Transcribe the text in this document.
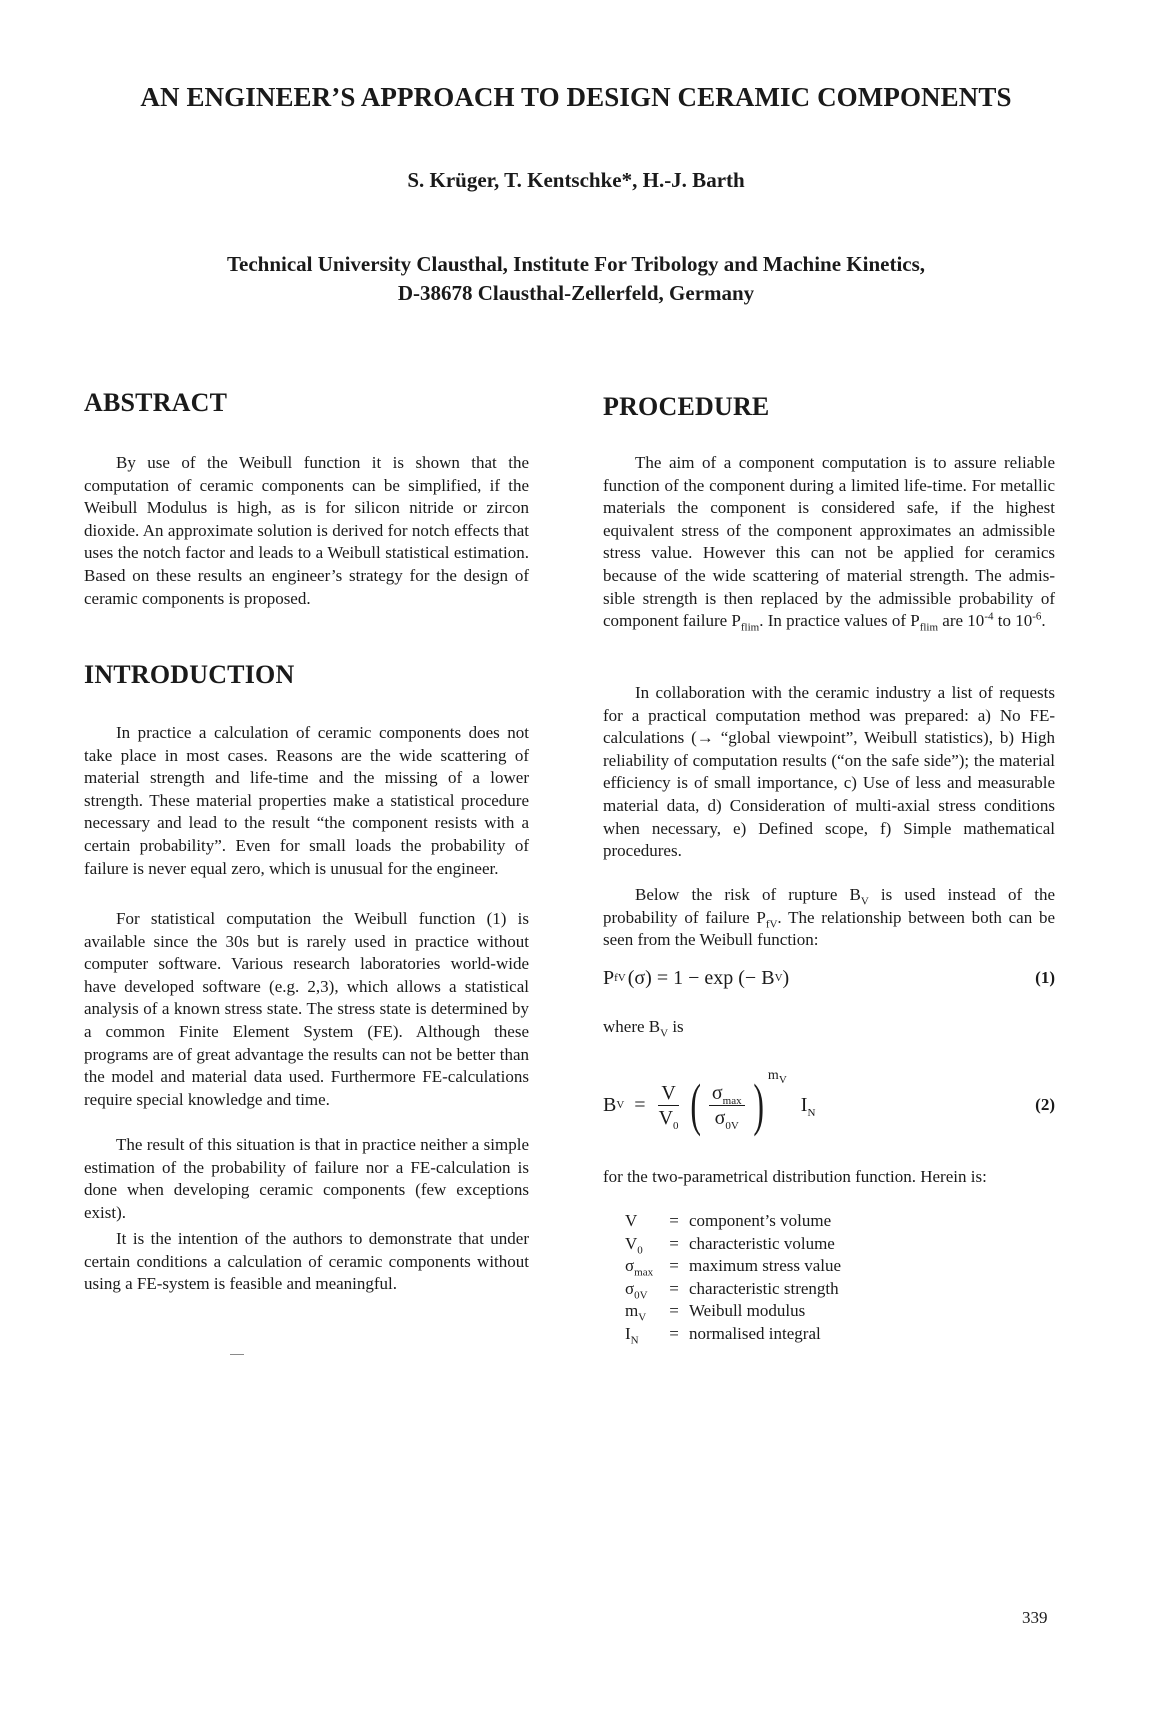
AN ENGINEER’S APPROACH TO DESIGN CERAMIC COMPONENTS

S. Krüger, T. Kentschke*, H.-J. Barth

Technical University Clausthal, Institute For Tribology and Machine Kinetics,
D-38678 Clausthal-Zellerfeld, Germany

ABSTRACT

By use of the Weibull function it is shown that the computation of ceramic components can be simplified, if the Weibull Modulus is high, as is for silicon nitride or zircon dioxide. An approximate solution is derived for notch effects that uses the notch factor and leads to a Weibull statistical estimation. Based on these results an engineer’s strategy for the design of ceramic components is proposed.

INTRODUCTION

In practice a calculation of ceramic components does not take place in most cases. Reasons are the wide scattering of material strength and life-time and the missing of a lower strength. These material properties make a statistical procedure necessary and lead to the result “the component resists with a certain probability”. Even for small loads the probability of failure is never equal zero, which is unusual for the engineer.

For statistical computation the Weibull function (1) is available since the 30s but is rarely used in practice without computer software. Various research laboratories world-wide have developed software (e.g. 2,3), which allows a statistical analysis of a known stress state. The stress state is determined by a common Finite Element System (FE). Although these programs are of great advantage the results can not be better than the model and material data used. Furthermore FE-calculations require special knowledge and time.

The result of this situation is that in practice neither a simple estimation of the probability of failure nor a FE-calculation is done when developing ceramic components (few exceptions exist).

It is the intention of the authors to demonstrate that under certain conditions a calculation of ceramic components without using a FE-system is feasible and meaningful.

PROCEDURE

The aim of a component computation is to assure reliable function of the component during a limited life-time. For metallic materials the component is considered safe, if the highest equivalent stress of the component approximates an admissible stress value. However this can not be applied for ceramics because of the wide scattering of material strength. The admissible strength is then replaced by the admissible probability of component failure $P_{flim}$. In practice values of $P_{flim}$ are $10^{-4}$ to $10^{-6}$.

In collaboration with the ceramic industry a list of requests for a practical computation method was prepared: a) No FE-calculations (→ “global viewpoint”, Weibull statistics), b) High reliability of computation results (“on the safe side”); the material efficiency is of small importance, c) Use of less and measurable material data, d) Consideration of multi-axial stress conditions when necessary, e) Defined scope, f) Simple mathematical procedures.

Below the risk of rupture $B_V$ is used instead of the probability of failure $P_{fV}$. The relationship between both can be seen from the Weibull function:

P fV (σ) = 1 − exp (− B V )	(1)

where $B_V$ is

B $V = \frac{V}{V_0}$ ( $\frac{\sigma_{max}}{\sigma_{0V}}$ ) $m_V$
$I_N$	(2)

for the two-parametrical distribution function. Herein is:

V	= component’s volume
$V_0$	= characteristic volume
$\sigma_{max}$ = maximum stress value
$\sigma_{0V}$	= characteristic strength
$m_V$	= Weibull modulus
$I_N$	= normalised integral
339
